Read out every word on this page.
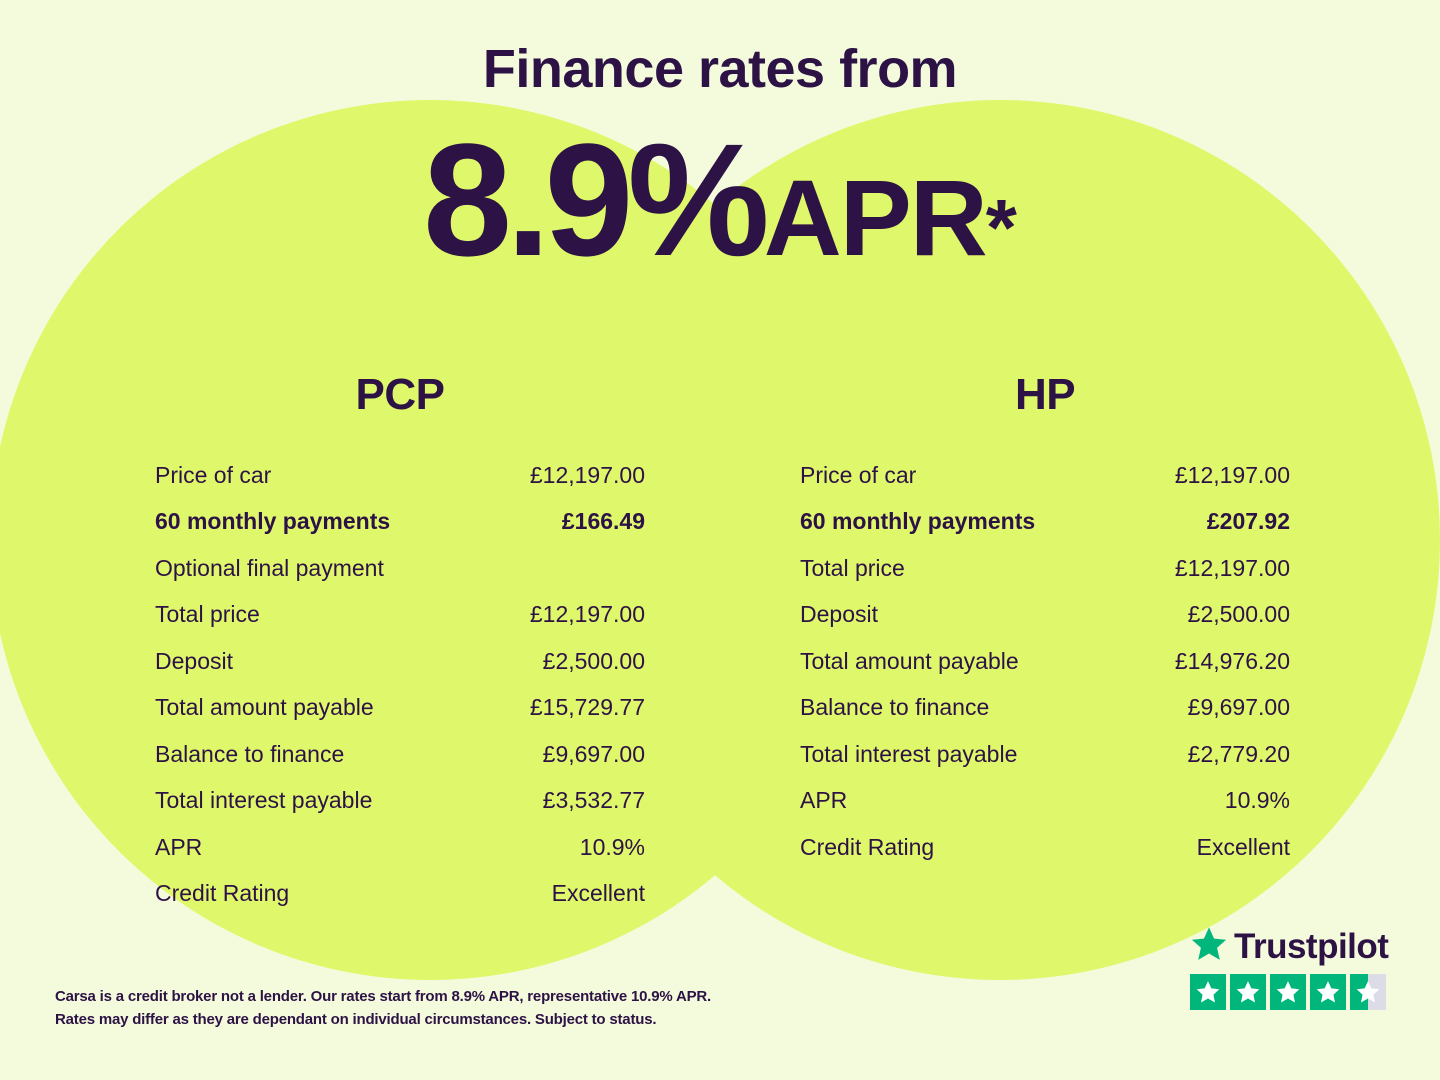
Finance rates from
8.9%APR*
PCP
Price of car	£12,197.00
60 monthly payments	£166.49
Optional final payment
Total price	£12,197.00
Deposit	£2,500.00
Total amount payable	£15,729.77
Balance to finance	£9,697.00
Total interest payable	£3,532.77
APR	10.9%
Credit Rating	Excellent
HP
Price of car	£12,197.00
60 monthly payments	£207.92
Total price	£12,197.00
Deposit	£2,500.00
Total amount payable	£14,976.20
Balance to finance	£9,697.00
Total interest payable	£2,779.20
APR	10.9%
Credit Rating	Excellent
Carsa is a credit broker not a lender. Our rates start from 8.9% APR, representative 10.9% APR.
Rates may differ as they are dependant on individual circumstances. Subject to status.
Trustpilot
